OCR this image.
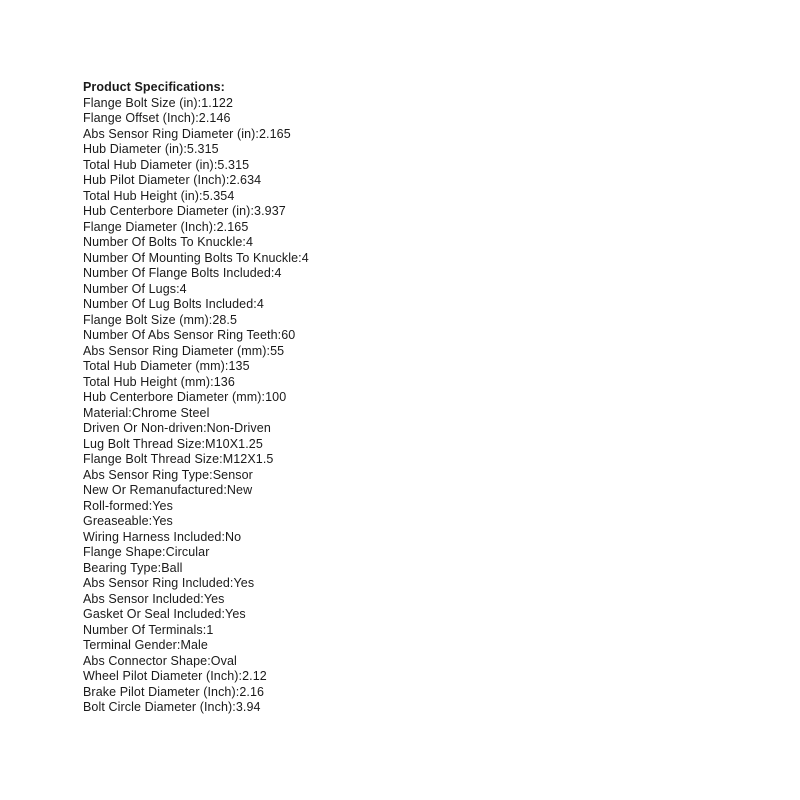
Product Specifications:
Flange Bolt Size (in):1.122
Flange Offset (Inch):2.146
Abs Sensor Ring Diameter (in):2.165
Hub Diameter (in):5.315
Total Hub Diameter (in):5.315
Hub Pilot Diameter (Inch):2.634
Total Hub Height (in):5.354
Hub Centerbore Diameter (in):3.937
Flange Diameter (Inch):2.165
Number Of Bolts To Knuckle:4
Number Of Mounting Bolts To Knuckle:4
Number Of Flange Bolts Included:4
Number Of Lugs:4
Number Of Lug Bolts Included:4
Flange Bolt Size (mm):28.5
Number Of Abs Sensor Ring Teeth:60
Abs Sensor Ring Diameter (mm):55
Total Hub Diameter (mm):135
Total Hub Height (mm):136
Hub Centerbore Diameter (mm):100
Material:Chrome Steel
Driven Or Non-driven:Non-Driven
Lug Bolt Thread Size:M10X1.25
Flange Bolt Thread Size:M12X1.5
Abs Sensor Ring Type:Sensor
New Or Remanufactured:New
Roll-formed:Yes
Greaseable:Yes
Wiring Harness Included:No
Flange Shape:Circular
Bearing Type:Ball
Abs Sensor Ring Included:Yes
Abs Sensor Included:Yes
Gasket Or Seal Included:Yes
Number Of Terminals:1
Terminal Gender:Male
Abs Connector Shape:Oval
Wheel Pilot Diameter (Inch):2.12
Brake Pilot Diameter (Inch):2.16
Bolt Circle Diameter (Inch):3.94
